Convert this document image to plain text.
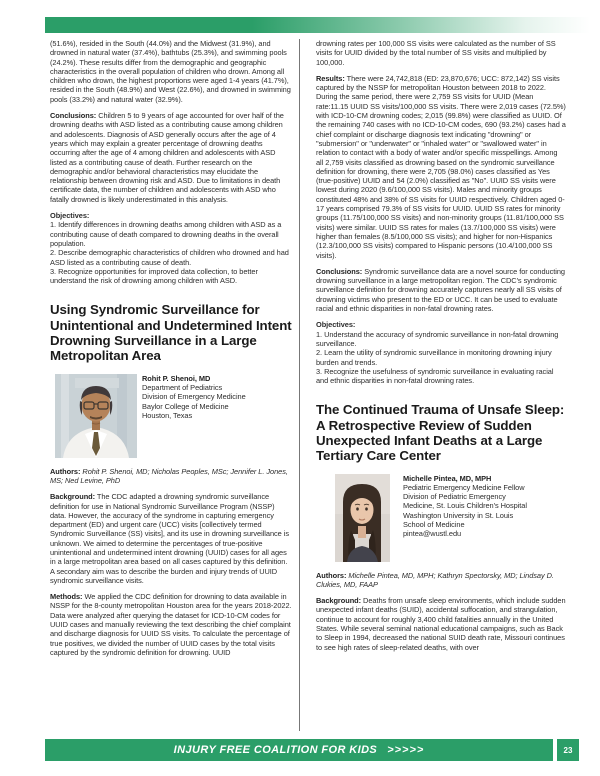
(51.6%), resided in the South (44.0%) and the Midwest (31.9%), and drowned in natural water (37.4%), bathtubs (25.3%), and swimming pools (24.2%). These results differ from the demographic and geographic characteristics in the overall population of children who drown. Among all children who drown, the highest proportions were aged 1-4 years (41.7%), resided in the South (48.9%) and West (22.6%), and drowned in swimming pools (33.2%) and natural water (32.9%).

Conclusions: Children 5 to 9 years of age accounted for over half of the drowning deaths with ASD listed as a contributing cause among children and adolescents. Diagnosis of ASD generally occurs after the age of 4 years which may explain a greater percentage of drowning deaths occurring after the age of 4 among children and adolescents with ASD listed as a contributing cause of death. Further research on the demographic and/or behavioral characteristics may elucidate the relationship between drowning risk and ASD. Due to limitations in death certificate data, the number of children and adolescents with ASD who fatally drowned is likely underestimated in this analysis.

Objectives:
1. Identify differences in drowning deaths among children with ASD as a contributing cause of death compared to drowning deaths in the overall population.
2. Describe demographic characteristics of children who drowned and had ASD listed as a contributing cause of death.
3. Recognize opportunities for improved data collection, to better understand the risk of drowning among children with ASD.
Using Syndromic Surveillance for Unintentional and Undetermined Intent Drowning Surveillance in a Large Metropolitan Area
Rohit P. Shenoi, MD
Department of Pediatrics
Division of Emergency Medicine
Baylor College of Medicine
Houston, Texas

Authors: Rohit P. Shenoi, MD; Nicholas Peoples, MSc; Jennifer L. Jones, MS; Ned Levine, PhD

Background: The CDC adapted a drowning syndromic surveillance definition for use in National Syndromic Surveillance Program (NSSP) data. However, the accuracy of the syndrome in capturing emergency department (ED) and urgent care (UCC) visits [collectively termed Syndromic Surveillance (SS) visits], and its use in drowning surveillance is unknown. We aimed to determine the percentages of true-positive unintentional and undetermined intent drowning (UUID) cases for all ages in a large metropolitan area based on all cases captured by this definition. A secondary aim was to describe the burden and injury trends of UUID syndromic surveillance visits.

Methods: We applied the CDC definition for drowning to data available in NSSP for the 8-county metropolitan Houston area for the years 2018-2022. Data were analyzed after querying the dataset for ICD-10-CM codes for UUID cases and manually reviewing the text describing the chief complaint and discharge diagnosis for UUID SS visits. To calculate the percentage of true positives, we divided the number of UUID cases by the total visits captured by the syndromic definition for drowning. UUID

drowning rates per 100,000 SS visits were calculated as the number of SS visits for UUID divided by the total number of SS visits and multiplied by 100,000.

Results: There were 24,742,818 (ED: 23,870,676; UCC: 872,142) SS visits captured by the NSSP for metropolitan Houston between 2018 to 2022. During the same period, there were 2,759 SS visits for UUID (Mean rate:11.15 UUID SS visits/100,000 SS visits. There were 2,019 cases (72.5%) with ICD-10-CM drowning codes; 2,015 (99.8%) were classified as UUID. Of the remaining 740 cases with no ICD-10-CM codes, 690 (93.2%) cases had a chief complaint or discharge diagnosis text indicating "drowning" or "submersion" or "underwater" or "inhaled water" or "swallowed water" in relation to contact with a body of water and/or specific misspellings. Among all 2,759 visits classified as drowning based on the syndromic surveillance definition for drowning, there were 2,705 (98.0%) cases classified as Yes (true-positive) UUID and 54 (2.0%) classified as "No". UUID SS visits were lowest during 2020 (9.6/100,000 SS visits). Males and minority groups constituted 48% and 38% of SS visits for UUID respectively. Children aged 0-17 years comprised 79.3% of SS visits for UUID. UUID SS rates for minority groups (11.75/100,000 SS visits) and non-minority groups (11.81/100,000 SS visits) were similar. UUID SS rates for males (13.7/100,000 SS visits) were higher than females (8.5/100,000 SS visits); and higher for non-Hispanics (12.3/100,000 SS visits) compared to Hispanic persons (10.4/100,000 SS visits).

Conclusions: Syndromic surveillance data are a novel source for conducting drowning surveillance in a large metropolitan region. The CDC's syndromic surveillance definition for drowning accurately captures nearly all SS visits of drowning victims who present to the ED or UCC. It can be used to evaluate racial and ethnic disparities in non-fatal drowning rates.

Objectives:
1. Understand the accuracy of syndromic surveillance in non-fatal drowning surveillance.
2. Learn the utility of syndromic surveillance in monitoring drowning injury burden and trends.
3. Recognize the usefulness of syndromic surveillance in evaluating racial and ethnic disparities in non-fatal drowning rates.
The Continued Trauma of Unsafe Sleep: A Retrospective Review of Sudden Unexpected Infant Deaths at a Large Tertiary Care Center
Michelle Pintea, MD, MPH
Pediatric Emergency Medicine Fellow
Division of Pediatric Emergency
Medicine, St. Louis Children's Hospital
Washington University in St. Louis
School of Medicine
pintea@wustl.edu

Authors: Michelle Pintea, MD, MPH; Kathryn Spectorsky, MD; Lindsay D. Clukies, MD, FAAP

Background: Deaths from unsafe sleep environments, which include sudden unexpected infant deaths (SUID), accidental suffocation, and strangulation, continue to account for roughly 3,400 child fatalities annually in the United States. While several seminal national educational campaigns, such as Back to Sleep in 1994, decreased the national SUID death rate, Missouri continues to see high rates of sleep-related deaths, with over

INJURY FREE COALITION FOR KIDS >>>>>	23
